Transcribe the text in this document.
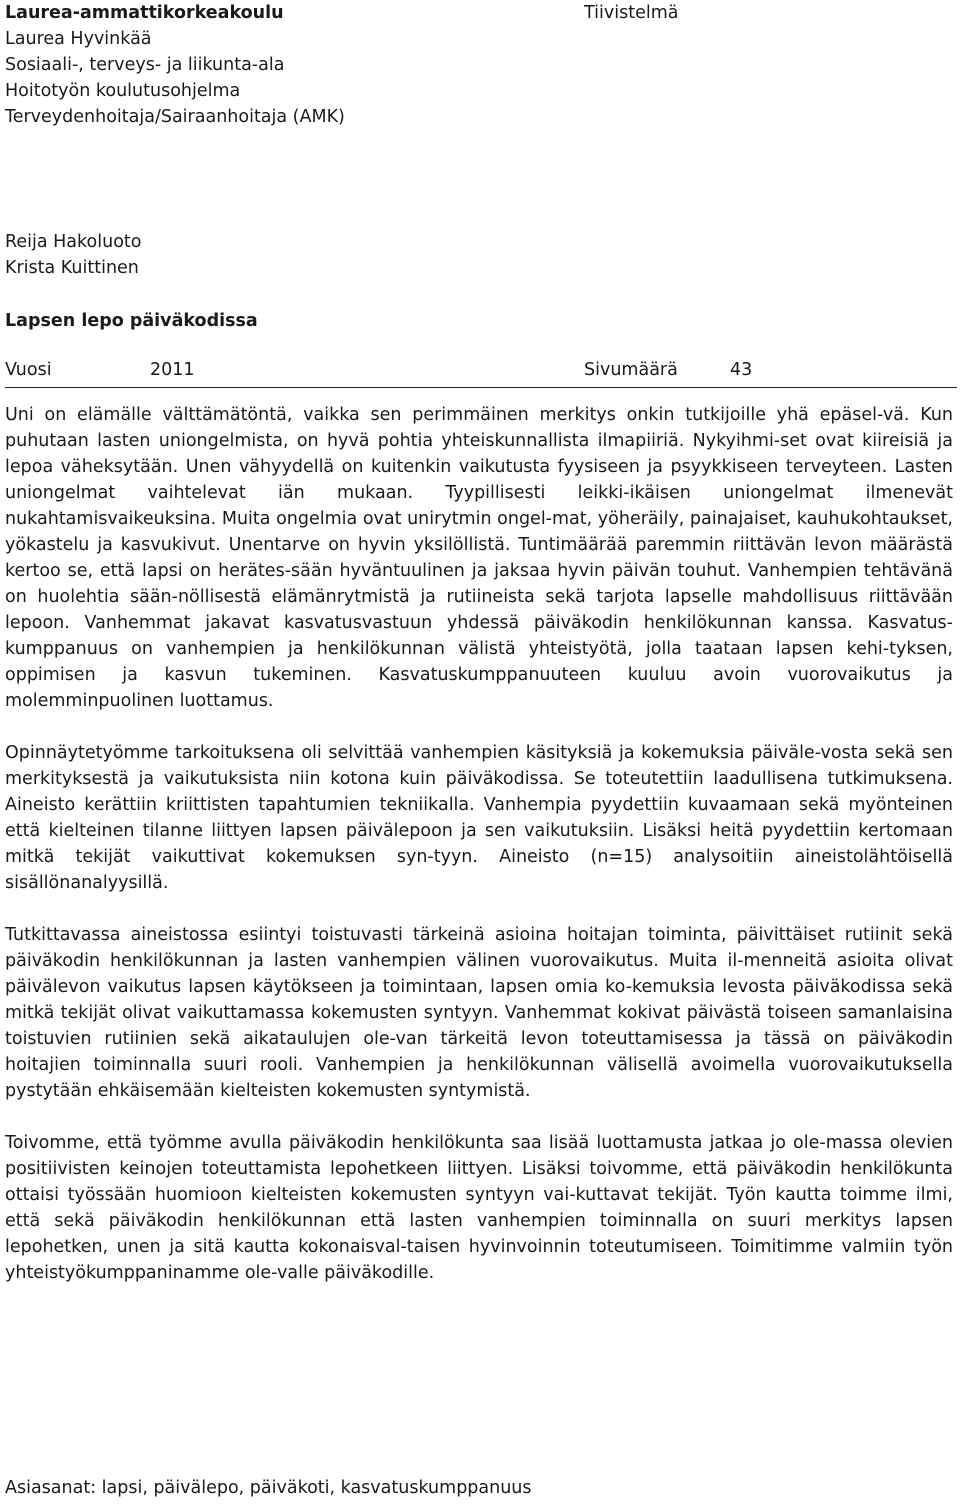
Laurea-ammattikorkeakoulu
Laurea Hyvinkää
Sosiaali-, terveys- ja liikunta-ala
Hoitotyön koulutusohjelma
Terveydenhoitaja/Sairaanhoitaja (AMK)
Tiivistelmä
Reija Hakoluoto
Krista Kuittinen
Lapsen lepo päiväkodissa
Vuosi	2011	Sivumäärä	43

Uni on elämälle välttämätöntä, vaikka sen perimmäinen merkitys onkin tutkijoille yhä epäsel-vä. Kun puhutaan lasten uniongelmista, on hyvä pohtia yhteiskunnallista ilmapiiriä. Nykyihmi-set ovat kiireisiä ja lepoa väheksytään. Unen vähyydellä on kuitenkin vaikutusta fyysiseen ja psyykkiseen terveyteen. Lasten uniongelmat vaihtelevat iän mukaan. Tyypillisesti leikki-ikäisen uniongelmat ilmenevät nukahtamisvaikeuksina. Muita ongelmia ovat unirytmin ongel-mat, yöheräily, painajaiset, kauhukohtaukset, yökastelu ja kasvukivut. Unentarve on hyvin yksilöllistä. Tuntimäärää paremmin riittävän levon määrästä kertoo se, että lapsi on herätes-sään hyväntuulinen ja jaksaa hyvin päivän touhut. Vanhempien tehtävänä on huolehtia sään-nöllisestä elämänrytmistä ja rutiineista sekä tarjota lapselle mahdollisuus riittävään lepoon. Vanhemmat jakavat kasvatusvastuun yhdessä päiväkodin henkilökunnan kanssa. Kasvatus-kumppanuus on vanhempien ja henkilökunnan välistä yhteistyötä, jolla taataan lapsen kehi-tyksen, oppimisen ja kasvun tukeminen. Kasvatuskumppanuuteen kuuluu avoin vuorovaikutus ja molemminpuolinen luottamus.

Opinnäytetyömme tarkoituksena oli selvittää vanhempien käsityksiä ja kokemuksia päiväle-vosta sekä sen merkityksestä ja vaikutuksista niin kotona kuin päiväkodissa. Se toteutettiin laadullisena tutkimuksena. Aineisto kerättiin kriittisten tapahtumien tekniikalla. Vanhempia pyydettiin kuvaamaan sekä myönteinen että kielteinen tilanne liittyen lapsen päivälepoon ja sen vaikutuksiin. Lisäksi heitä pyydettiin kertomaan mitkä tekijät vaikuttivat kokemuksen syn-tyyn. Aineisto (n=15) analysoitiin aineistolähtöisellä sisällönanalyysillä.

Tutkittavassa aineistossa esiintyi toistuvasti tärkeinä asioina hoitajan toiminta, päivittäiset rutiinit sekä päiväkodin henkilökunnan ja lasten vanhempien välinen vuorovaikutus. Muita il-menneitä asioita olivat päivälevon vaikutus lapsen käytökseen ja toimintaan, lapsen omia ko-kemuksia levosta päiväkodissa sekä mitkä tekijät olivat vaikuttamassa kokemusten syntyyn. Vanhemmat kokivat päivästä toiseen samanlaisina toistuvien rutiinien sekä aikataulujen ole-van tärkeitä levon toteuttamisessa ja tässä on päiväkodin hoitajien toiminnalla suuri rooli. Vanhempien ja henkilökunnan välisellä avoimella vuorovaikutuksella pystytään ehkäisemään kielteisten kokemusten syntymistä.

Toivomme, että työmme avulla päiväkodin henkilökunta saa lisää luottamusta jatkaa jo ole-massa olevien positiivisten keinojen toteuttamista lepohetkeen liittyen. Lisäksi toivomme, että päiväkodin henkilökunta ottaisi työssään huomioon kielteisten kokemusten syntyyn vai-kuttavat tekijät. Työn kautta toimme ilmi, että sekä päiväkodin henkilökunnan että lasten vanhempien toiminnalla on suuri merkitys lapsen lepohetken, unen ja sitä kautta kokonaisval-taisen hyvinvoinnin toteutumiseen. Toimitimme valmiin työn yhteistyökumppaninamme ole-valle päiväkodille.

Asiasanat: lapsi, päivälepo, päiväkoti, kasvatuskumppanuus
